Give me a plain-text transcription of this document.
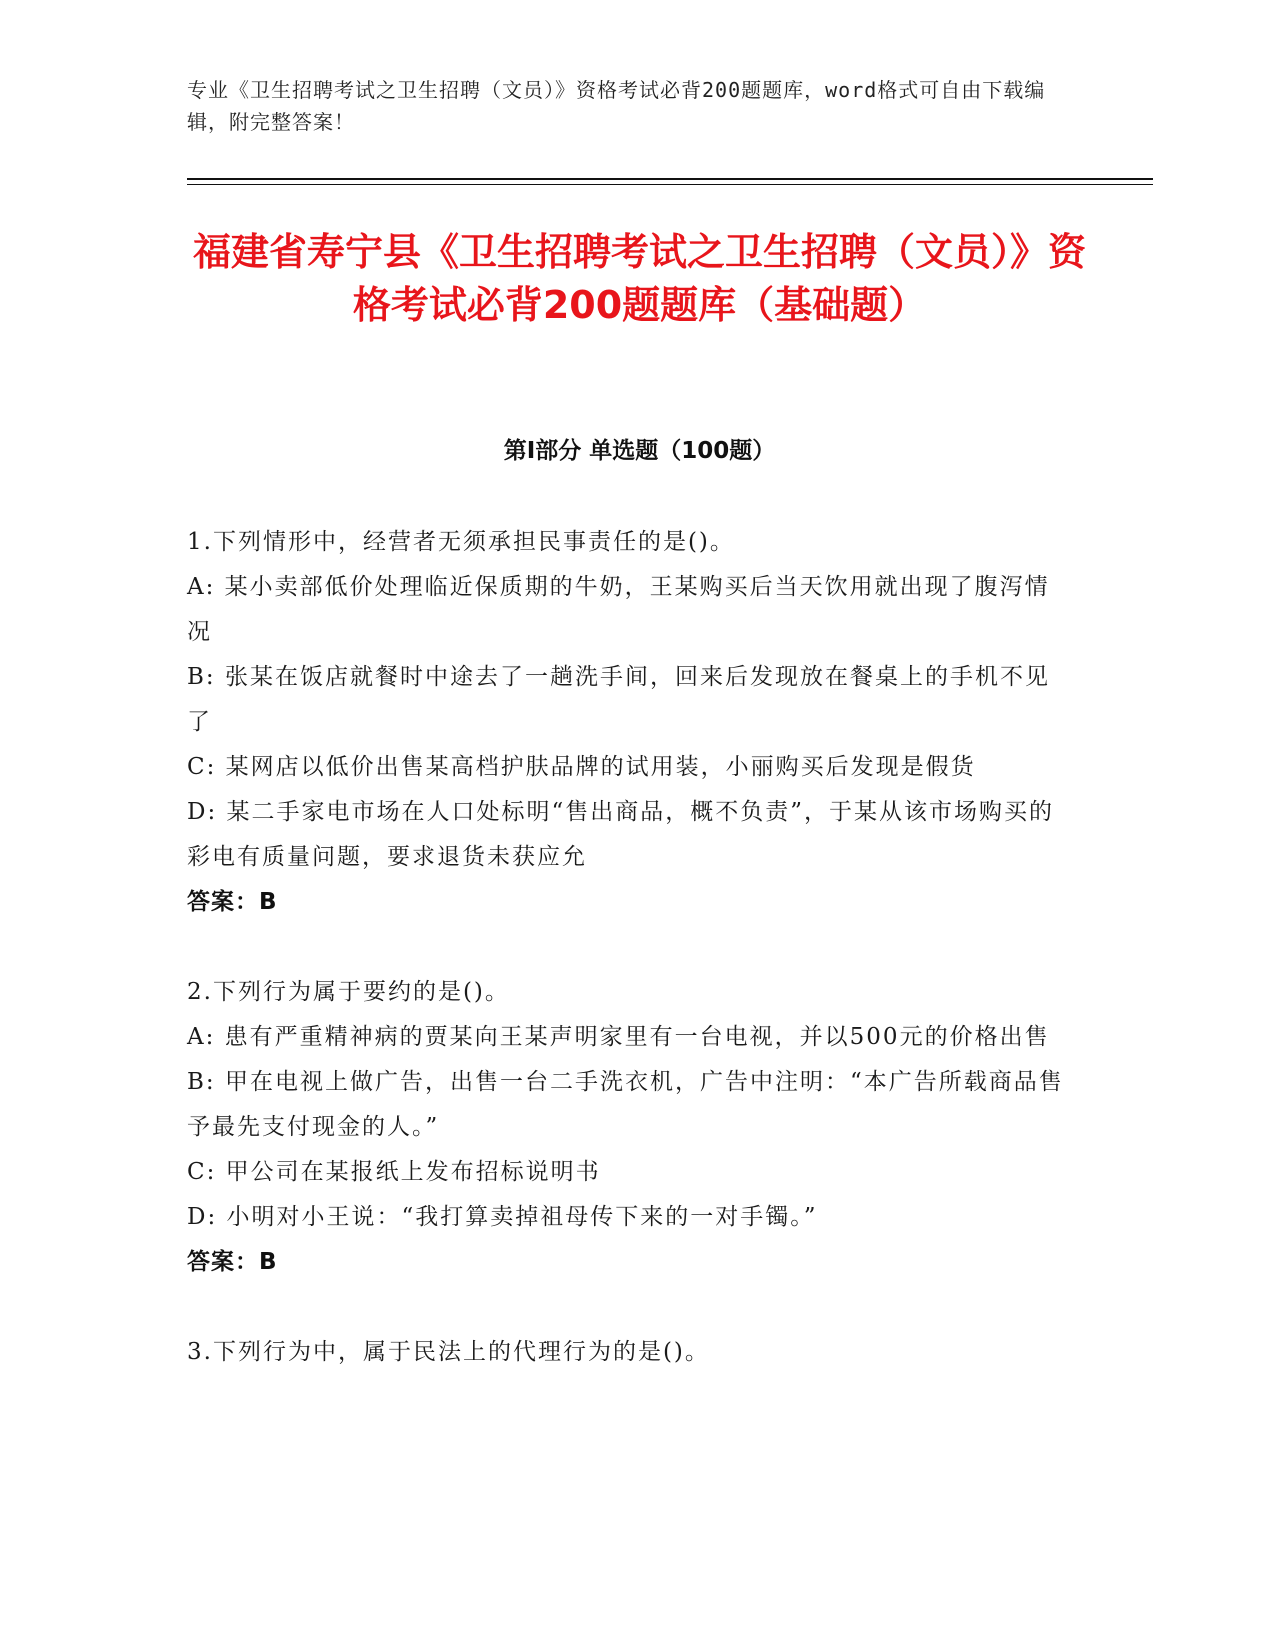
专业《卫生招聘考试之卫生招聘（文员）》资格考试必背200题题库，word格式可自由下载编辑，附完整答案！
福建省寿宁县《卫生招聘考试之卫生招聘（文员）》资格考试必背200题题库（基础题）
第I部分 单选题（100题）
1.下列情形中，经营者无须承担民事责任的是()。
A: 某小卖部低价处理临近保质期的牛奶，王某购买后当天饮用就出现了腹泻情况
B: 张某在饭店就餐时中途去了一趟洗手间，回来后发现放在餐桌上的手机不见了
C: 某网店以低价出售某高档护肤品牌的试用装，小丽购买后发现是假货
D: 某二手家电市场在人口处标明“售出商品，概不负责”，于某从该市场购买的彩电有质量问题，要求退货未获应允
答案：B
2.下列行为属于要约的是()。
A: 患有严重精神病的贾某向王某声明家里有一台电视，并以500元的价格出售
B: 甲在电视上做广告，出售一台二手洗衣机，广告中注明：“本广告所载商品售予最先支付现金的人。”
C: 甲公司在某报纸上发布招标说明书
D: 小明对小王说：“我打算卖掉祖母传下来的一对手镯。”
答案：B
3.下列行为中，属于民法上的代理行为的是()。
